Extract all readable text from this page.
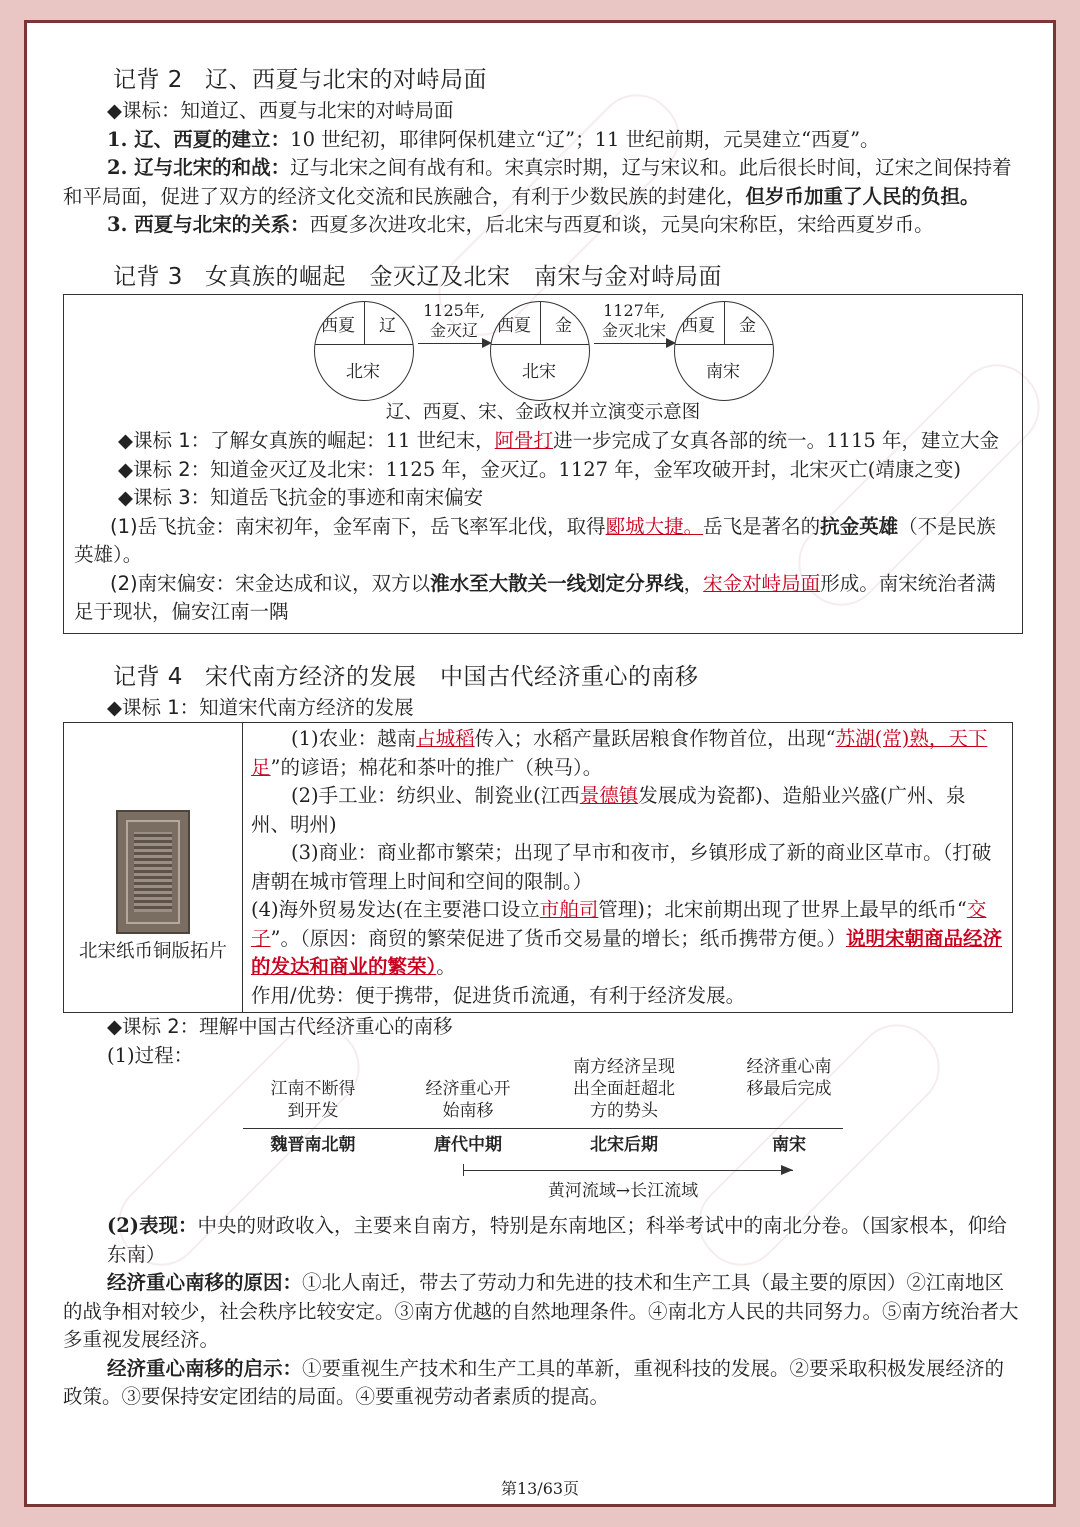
记背 2 辽、西夏与北宋的对峙局面

◆课标：知道辽、西夏与北宋的对峙局面

1. 辽、西夏的建立：10 世纪初，耶律阿保机建立“辽”；11 世纪前期，元昊建立“西夏”。

2. 辽与北宋的和战：辽与北宋之间有战有和。宋真宗时期，辽与宋议和。此后很长时间，辽宋之间保持着和平局面，促进了双方的经济文化交流和民族融合，有利于少数民族的封建化，但岁币加重了人民的负担。

3. 西夏与北宋的关系：西夏多次进攻北宋，后北宋与西夏和谈，元昊向宋称臣，宋给西夏岁币。

记背 3 女真族的崛起　金灭辽及北宋　南宋与金对峙局面
西夏 辽
北宋
1125年,
金灭辽	西夏 金
北宋
1127年,
金灭北宋 西夏 金
南宋
辽、西夏、宋、金政权并立演变示意图

◆课标 1：了解女真族的崛起：11 世纪末，阿骨打进一步完成了女真各部的统一。1115 年，建立大金

◆课标 2：知道金灭辽及北宋：1125 年，金灭辽。1127 年，金军攻破开封，北宋灭亡(靖康之变)

◆课标 3：知道岳飞抗金的事迹和南宋偏安

(1)岳飞抗金：南宋初年，金军南下，岳飞率军北伐，取得郾城大捷。岳飞是著名的抗金英雄（不是民族英雄）。

(2)南宋偏安：宋金达成和议，双方以淮水至大散关一线划定分界线，宋金对峙局面形成。南宋统治者满足于现状，偏安江南一隅

记背 4 宋代南方经济的发展　中国古代经济重心的南移

◆课标 1：知道宋代南方经济的发展

北宋纸币铜版拓片

(1)农业：越南占城稻传入；水稻产量跃居粮食作物首位，出现“苏湖(常)熟，天下足”的谚语；棉花和茶叶的推广（秧马）。

(2)手工业：纺织业、制瓷业(江西景德镇发展成为瓷都)、造船业兴盛(广州、泉州、明州)

(3)商业：商业都市繁荣；出现了早市和夜市，乡镇形成了新的商业区草市。（打破唐朝在城市管理上时间和空间的限制。）

(4)海外贸易发达(在主要港口设立市舶司管理)；北宋前期出现了世界上最早的纸币“交子”。（原因：商贸的繁荣促进了货币交易量的增长；纸币携带方便。）说明宋朝商品经济的发达和商业的繁荣）。

作用/优势：便于携带，促进货币流通，有利于经济发展。

◆课标 2：理解中国古代经济重心的南移

(1)过程：

江南不断得到开发
经济重心开始南移
南方经济呈现出全面赶超北方的势头
经济重心南移最后完成
魏晋南北朝	唐代中期	北宋后期	南宋
黄河流域→长江流域

(2)表现：中央的财政收入，主要来自南方，特别是东南地区；科举考试中的南北分卷。（国家根本，仰给东南）

经济重心南移的原因：①北人南迁，带去了劳动力和先进的技术和生产工具（最主要的原因）②江南地区的战争相对较少，社会秩序比较安定。③南方优越的自然地理条件。④南北方人民的共同努力。⑤南方统治者大多重视发展经济。

经济重心南移的启示：①要重视生产技术和生产工具的革新，重视科技的发展。②要采取积极发展经济的政策。③要保持安定团结的局面。④要重视劳动者素质的提高。

第13/63页
